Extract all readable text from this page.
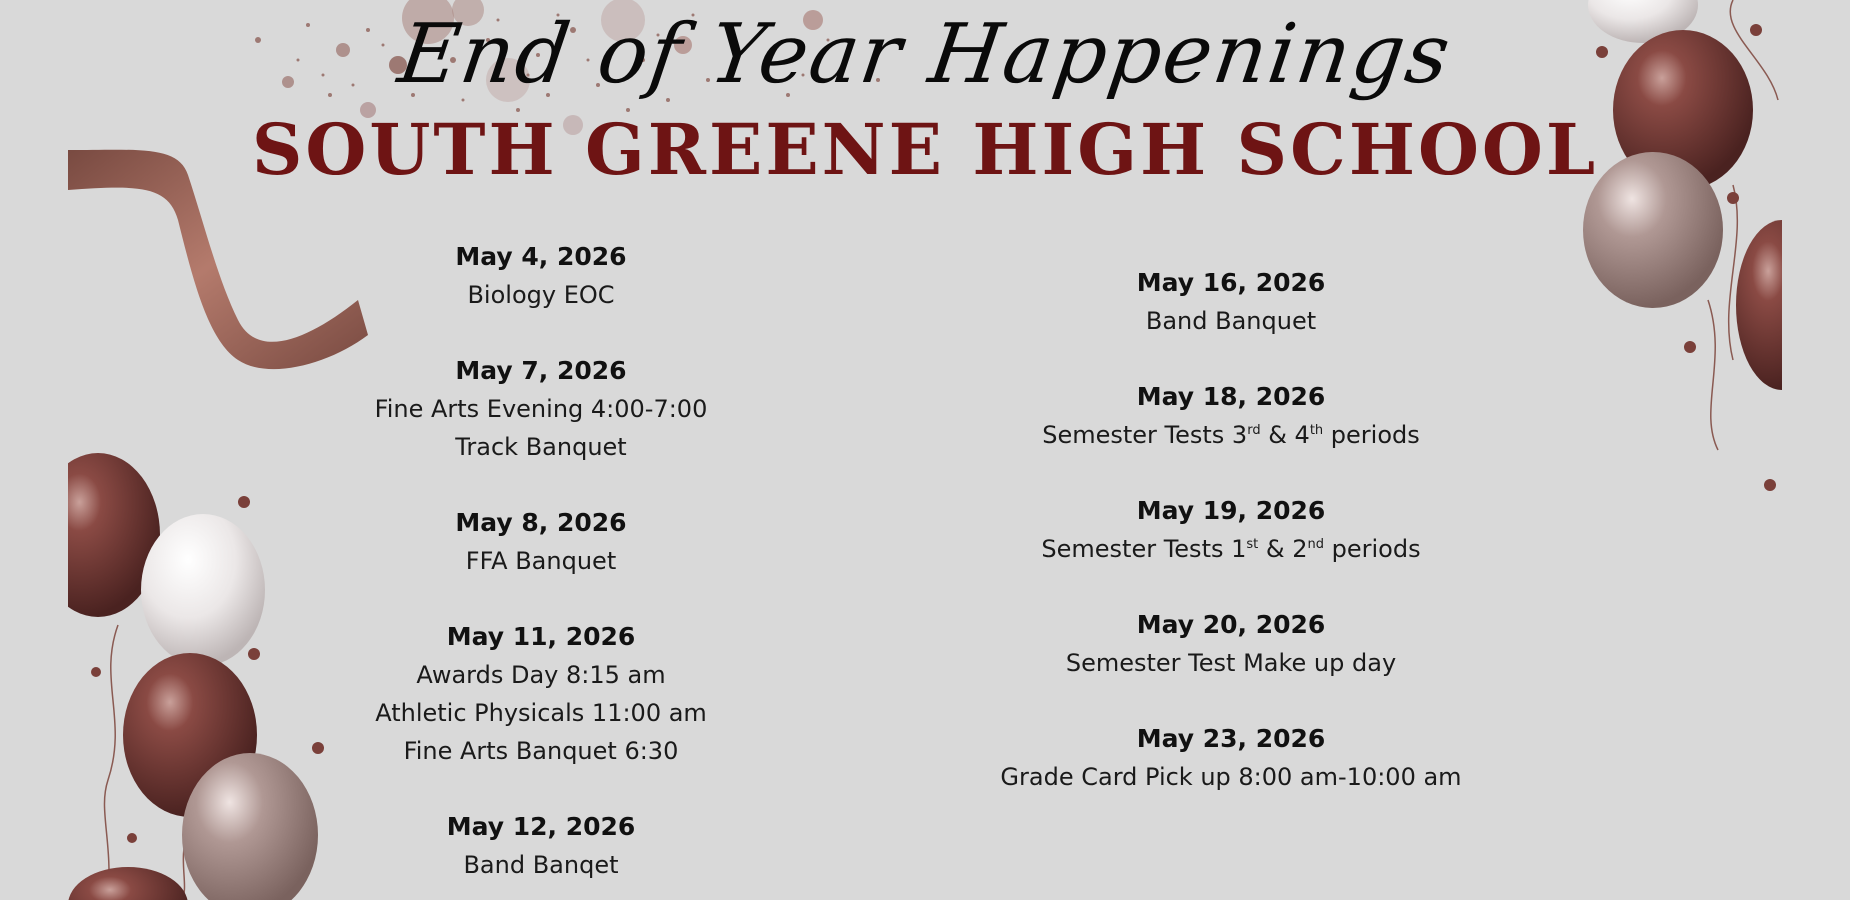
End of Year Happenings
SOUTH GREENE HIGH SCHOOL
May 4, 2026
Biology EOC
May 7, 2026
Fine Arts Evening 4:00-7:00
Track Banquet
May 8, 2026
FFA Banquet
May 11, 2026
Awards Day 8:15 am
Athletic Physicals 11:00 am
Fine Arts Banquet 6:30
May 12, 2026
Band Banqet
May 16, 2026
Band Banquet
May 18, 2026
Semester Tests 3rd & 4th periods
May 19, 2026
Semester Tests 1st & 2nd periods
May 20, 2026
Semester Test Make up day
May 23, 2026
Grade Card Pick up 8:00 am-10:00 am
